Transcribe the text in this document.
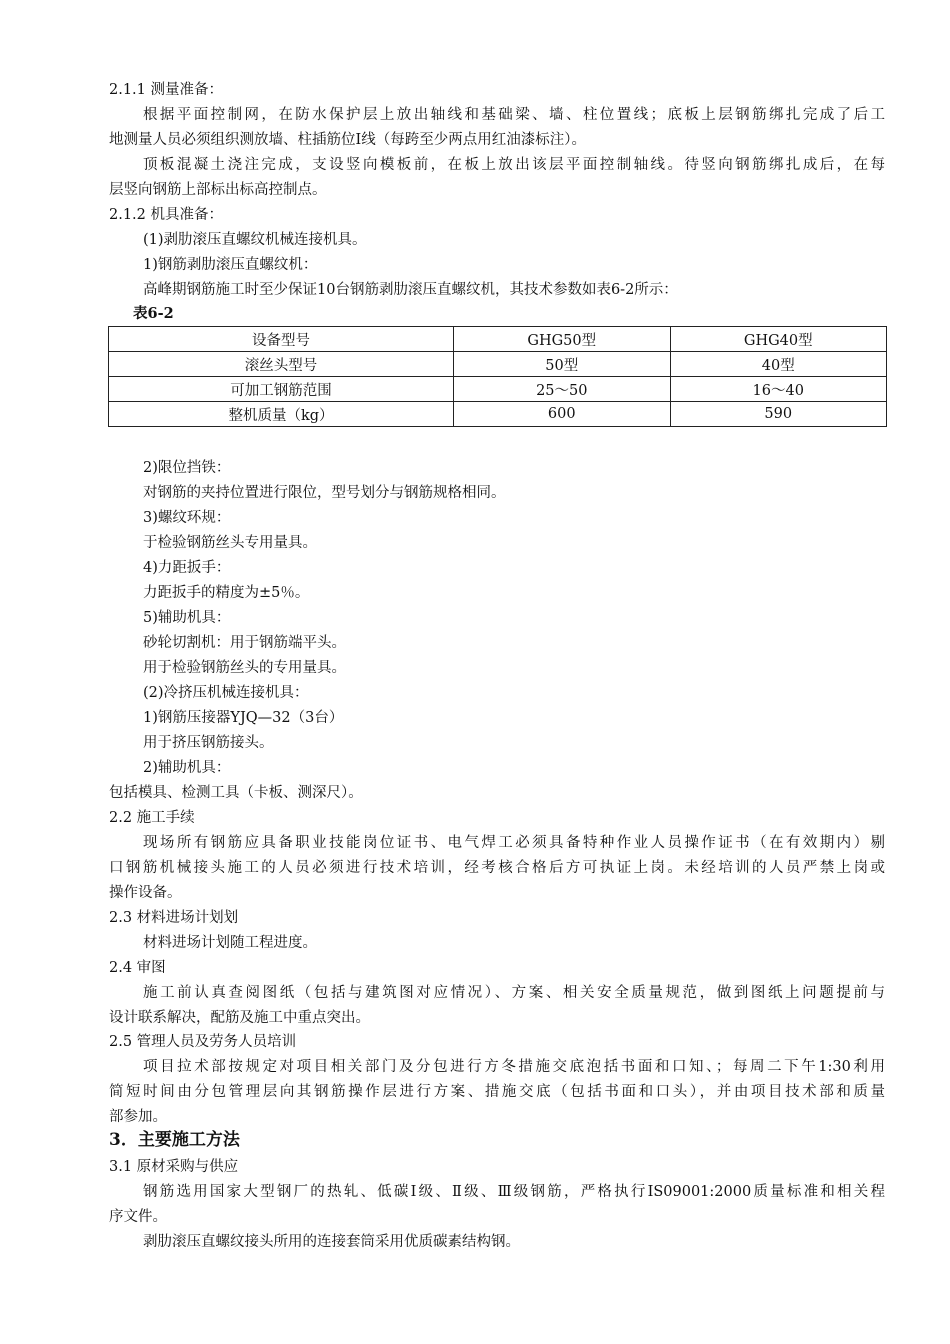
2.1.1 测量准备：
根据平面控制网，在防水保护层上放出轴线和基础梁、墙、柱位置线；底板上层钢筋绑扎完成了后工
地测量人员必须组织测放墙、柱插筋位Ⅰ线（每跨至少两点用红油漆标注）。
顶板混凝土浇注完成，支设竖向模板前，在板上放出该层平面控制轴线。待竖向钢筋绑扎成后，在每
层竖向钢筋上部标出标高控制点。
2.1.2 机具准备：
(1)剥肋滚压直螺纹机械连接机具。
1)钢筋剥肋滚压直螺纹机：
高峰期钢筋施工时至少保证10台钢筋剥肋滚压直螺纹机，其技术参数如表6-2所示：
表6-2
设备型号	GHG50型	GHG40型
滚丝头型号	50型	40型
可加工钢筋范围	25～50	16～40
整机质量（kg）	600	590
2)限位挡铁：
对钢筋的夹持位置进行限位，型号划分与钢筋规格相同。
3)螺纹环规：
于检验钢筋丝头专用量具。
4)力距扳手：
力距扳手的精度为±5％。
5)辅助机具：
砂轮切割机：用于钢筋端平头。
用于检验钢筋丝头的专用量具。
(2)冷挤压机械连接机具：
1)钢筋压接器YJQ—32（3台）
用于挤压钢筋接头。
2)辅助机具：
包括模具、检测工具（卡板、测深尺）。
2.2 施工手续
现场所有钢筋应具备职业技能岗位证书、电气焊工必须具备特种作业人员操作证书（在有效期内）剔
口钢筋机械接头施工的人员必须进行技术培训，经考核合格后方可执证上岗。未经培训的人员严禁上岗或
操作设备。
2.3 材料进场计划划
材料进场计划随工程进度。
2.4 审图
施工前认真查阅图纸（包括与建筑图对应情况）、方案、相关安全质量规范，做到图纸上问题提前与
设计联系解决，配筋及施工中重点突出。
2.5 管理人员及劳务人员培训
项目拉术部按规定对项目相关部门及分包进行方冬措施交底泡括书面和口知、；每周二下午1:30利用
简短时间由分包管理层向其钢筋操作层进行方案、措施交底（包括书面和口头），并由项目技术部和质量
部参加。
3．主要施工方法
3.1 原材采购与供应
钢筋选用国家大型钢厂的热轧、低碳Ⅰ级、Ⅱ级、Ⅲ级钢筋，严格执行IS09001:2000质量标准和相关程
序文件。
剥肋滚压直螺纹接头所用的连接套筒采用优质碳素结构钢。
